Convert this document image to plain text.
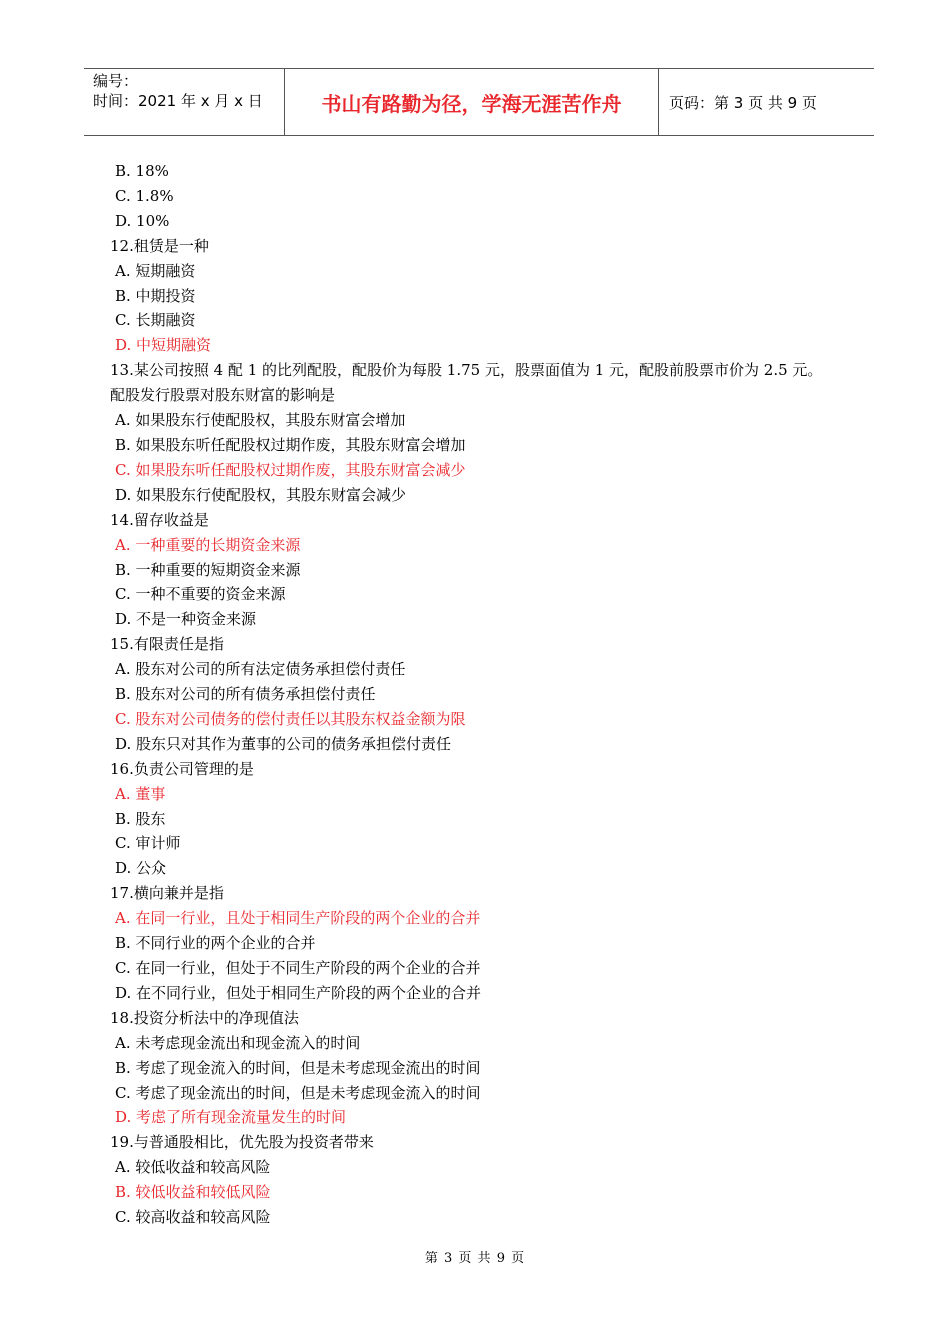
编号：
时间：2021 年 x 月 x 日	书山有路勤为径，学海无涯苦作舟	页码：第 3 页 共 9 页
B. 18%
C. 1.8%
D. 10%
12.租赁是一种
A. 短期融资
B. 中期投资
C. 长期融资
D. 中短期融资
13.某公司按照 4 配 1 的比列配股，配股价为每股 1.75 元，股票面值为 1 元，配股前股票市价为 2.5 元。
配股发行股票对股东财富的影响是
A. 如果股东行使配股权，其股东财富会增加
B. 如果股东听任配股权过期作废，其股东财富会增加
C. 如果股东听任配股权过期作废，其股东财富会减少
D. 如果股东行使配股权，其股东财富会减少
14.留存收益是
A. 一种重要的长期资金来源
B. 一种重要的短期资金来源
C. 一种不重要的资金来源
D. 不是一种资金来源
15.有限责任是指
A. 股东对公司的所有法定债务承担偿付责任
B. 股东对公司的所有债务承担偿付责任
C. 股东对公司债务的偿付责任以其股东权益金额为限
D. 股东只对其作为董事的公司的债务承担偿付责任
16.负责公司管理的是
A. 董事
B. 股东
C. 审计师
D. 公众
17.横向兼并是指
A. 在同一行业，且处于相同生产阶段的两个企业的合并
B. 不同行业的两个企业的合并
C. 在同一行业，但处于不同生产阶段的两个企业的合并
D. 在不同行业，但处于相同生产阶段的两个企业的合并
18.投资分析法中的净现值法
A. 未考虑现金流出和现金流入的时间
B. 考虑了现金流入的时间，但是未考虑现金流出的时间
C. 考虑了现金流出的时间，但是未考虑现金流入的时间
D. 考虑了所有现金流量发生的时间
19.与普通股相比，优先股为投资者带来
A. 较低收益和较高风险
B. 较低收益和较低风险
C. 较高收益和较高风险
第 3 页 共 9 页
